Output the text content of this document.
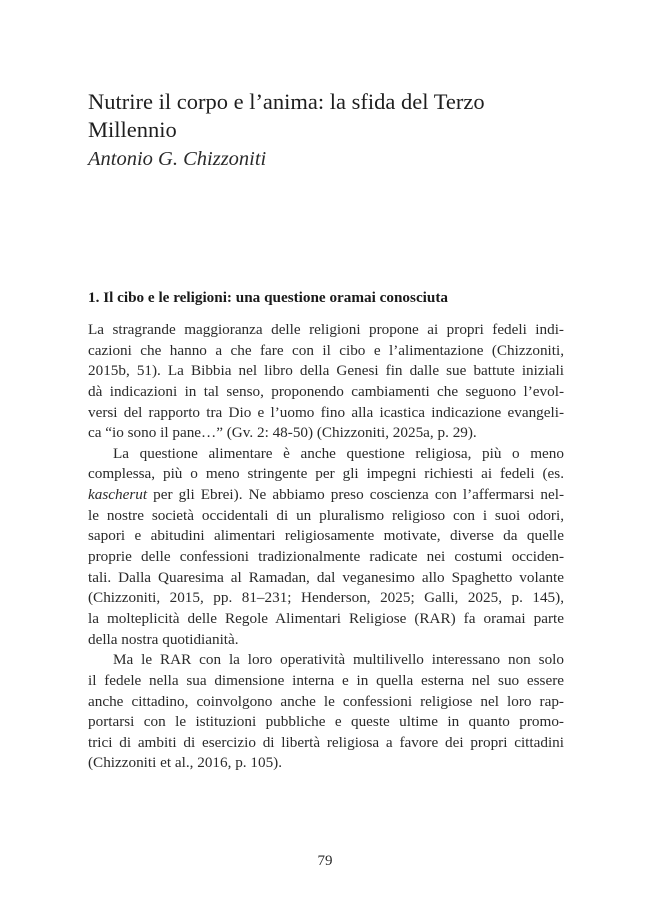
Nutrire il corpo e l’anima: la sfida del Terzo
Millennio
Antonio G. Chizzoniti
1. Il cibo e le religioni: una questione oramai conosciuta
La stragrande maggioranza delle religioni propone ai propri fedeli indi-
cazioni che hanno a che fare con il cibo e l’alimentazione (Chizzoniti,
2015b, 51). La Bibbia nel libro della Genesi fin dalle sue battute iniziali
dà indicazioni in tal senso, proponendo cambiamenti che seguono l’evol-
versi del rapporto tra Dio e l’uomo fino alla icastica indicazione evangeli-
ca “io sono il pane…” (Gv. 2: 48-50) (Chizzoniti, 2025a, p. 29).
La questione alimentare è anche questione religiosa, più o meno
complessa, più o meno stringente per gli impegni richiesti ai fedeli (es.
kascherut per gli Ebrei). Ne abbiamo preso coscienza con l’affermarsi nel-
le nostre società occidentali di un pluralismo religioso con i suoi odori,
sapori e abitudini alimentari religiosamente motivate, diverse da quelle
proprie delle confessioni tradizionalmente radicate nei costumi occiden-
tali. Dalla Quaresima al Ramadan, dal veganesimo allo Spaghetto volante
(Chizzoniti, 2015, pp. 81–231; Henderson, 2025; Galli, 2025, p. 145),
la molteplicità delle Regole Alimentari Religiose (RAR) fa oramai parte
della nostra quotidianità.
Ma le RAR con la loro operatività multilivello interessano non solo
il fedele nella sua dimensione interna e in quella esterna nel suo essere
anche cittadino, coinvolgono anche le confessioni religiose nel loro rap-
portarsi con le istituzioni pubbliche e queste ultime in quanto promo-
trici di ambiti di esercizio di libertà religiosa a favore dei propri cittadini
(Chizzoniti et al., 2016, p. 105).
79
